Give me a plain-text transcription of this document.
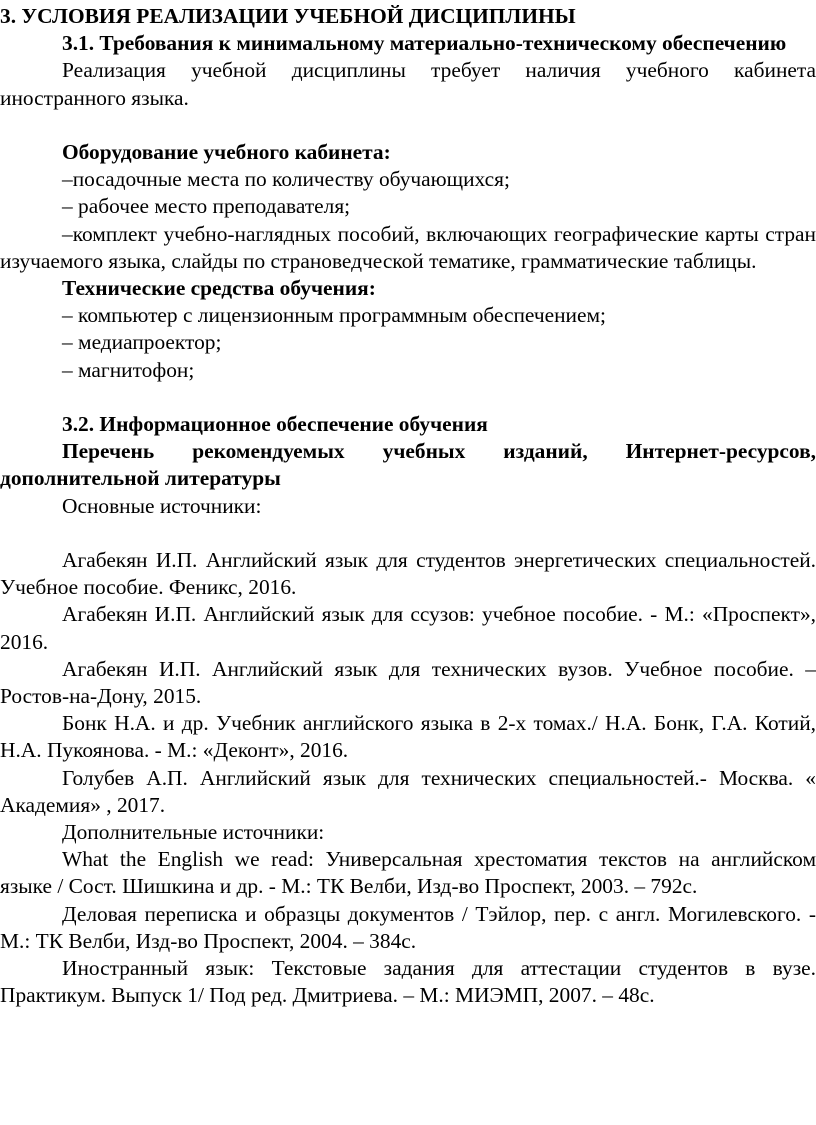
3. УСЛОВИЯ РЕАЛИЗАЦИИ УЧЕБНОЙ ДИСЦИПЛИНЫ

3.1. Требования к минимальному материально-техническому обеспечению

Реализация учебной дисциплины требует наличия учебного кабинета иностранного языка.

Оборудование учебного кабинета:

–посадочные места по количеству обучающихся;

– рабочее место преподавателя;

–комплект учебно-наглядных пособий, включающих географические карты стран изучаемого языка, слайды по страноведческой тематике, грамматические таблицы.

Технические средства обучения:

– компьютер с лицензионным программным обеспечением;

– медиапроектор;

– магнитофон;

3.2. Информационное обеспечение обучения

Перечень рекомендуемых учебных изданий, Интернет-ресурсов, дополнительной литературы

Основные источники:

Агабекян И.П. Английский язык для студентов энергетических специальностей. Учебное пособие. Феникс, 2016.

Агабекян И.П. Английский язык для ссузов: учебное пособие. - М.: «Проспект», 2016.

Агабекян И.П. Английский язык для технических вузов. Учебное пособие. – Ростов-на-Дону, 2015.

Бонк Н.А. и др. Учебник английского языка в 2-х томах./ Н.А. Бонк, Г.А. Котий, Н.А. Пукоянова. - М.: «Деконт», 2016.

Голубев А.П. Английский язык для технических специальностей.- Москва. « Академия» , 2017.

Дополнительные источники:

What the English we read: Универсальная хрестоматия текстов на английском языке / Сост. Шишкина и др. - М.: ТК Велби, Изд-во Проспект, 2003. – 792с.

Деловая переписка и образцы документов / Тэйлор, пер. с англ. Могилевского. - М.: ТК Велби, Изд-во Проспект, 2004. – 384с.

Иностранный язык: Текстовые задания для аттестации студентов в вузе. Практикум. Выпуск 1/ Под ред. Дмитриева. – М.: МИЭМП, 2007. – 48с.
